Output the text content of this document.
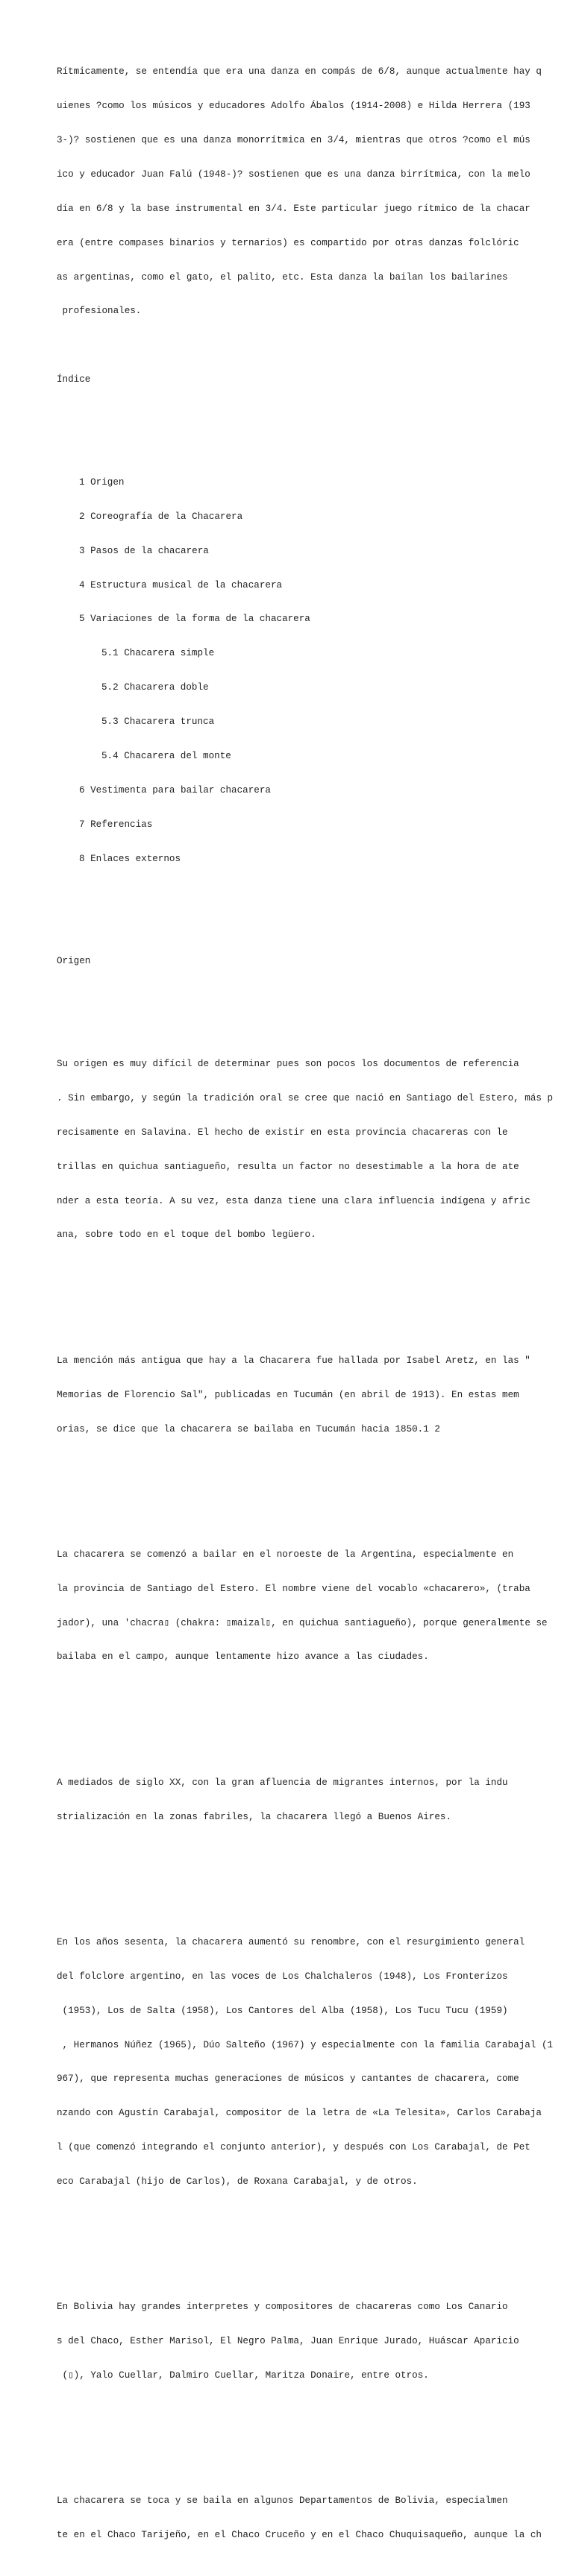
Rítmicamente, se entendía que era una danza en compás de 6/8, aunque actualmente hay q

uienes ?como los músicos y educadores Adolfo Ábalos (1914-2008) e Hilda Herrera (193

3-)? sostienen que es una danza monorrítmica en 3/4, mientras que otros ?como el mús

ico y educador Juan Falú (1948-)? sostienen que es una danza birrítmica, con la melo

día en 6/8 y la base instrumental en 3/4. Este particular juego rítmico de la chacar

era (entre compases binarios y ternarios) es compartido por otras danzas folclóric

as argentinas, como el gato, el palito, etc. Esta danza la bailan los bailarines

profesionales.

Índice

1 Origen

2 Coreografía de la Chacarera

3 Pasos de la chacarera

4 Estructura musical de la chacarera

5 Variaciones de la forma de la chacarera

5.1 Chacarera simple

5.2 Chacarera doble

5.3 Chacarera trunca

5.4 Chacarera del monte

6 Vestimenta para bailar chacarera

7 Referencias

8 Enlaces externos

Origen

Su origen es muy difícil de determinar pues son pocos los documentos de referencia

. Sin embargo, y según la tradición oral se cree que nació en Santiago del Estero, más p

recisamente en Salavina. El hecho de existir en esta provincia chacareras con le

trillas en quichua santiagueño, resulta un factor no desestimable a la hora de ate

nder a esta teoría. A su vez, esta danza tiene una clara influencia indígena y afric

ana, sobre todo en el toque del bombo legüero.

La mención más antigua que hay a la Chacarera fue hallada por Isabel Aretz, en las "

Memorias de Florencio Sal", publicadas en Tucumán (en abril de 1913). En estas mem

orias, se dice que la chacarera se bailaba en Tucumán hacia 1850.1 2

La chacarera se comenzó a bailar en el noroeste de la Argentina, especialmente en

la provincia de Santiago del Estero. El nombre viene del vocablo «chacarero», (traba

jador), una 'chacra▯ (chakra: ▯maizal▯, en quichua santiagueño), porque generalmente se

bailaba en el campo, aunque lentamente hizo avance a las ciudades.

A mediados de siglo XX, con la gran afluencia de migrantes internos, por la indu

strialización en la zonas fabriles, la chacarera llegó a Buenos Aires.

En los años sesenta, la chacarera aumentó su renombre, con el resurgimiento general

del folclore argentino, en las voces de Los Chalchaleros (1948), Los Fronterizos

(1953), Los de Salta (1958), Los Cantores del Alba (1958), Los Tucu Tucu (1959)

, Hermanos Núñez (1965), Dúo Salteño (1967) y especialmente con la familia Carabajal (1

967), que representa muchas generaciones de músicos y cantantes de chacarera, come

nzando con Agustín Carabajal, compositor de la letra de «La Telesita», Carlos Carabaja

l (que comenzó integrando el conjunto anterior), y después con Los Carabajal, de Pet

eco Carabajal (hijo de Carlos), de Roxana Carabajal, y de otros.

En Bolivia hay grandes interpretes y compositores de chacareras como Los Canario

s del Chaco, Esther Marisol, El Negro Palma, Juan Enrique Jurado, Huáscar Aparicio

(▯), Yalo Cuellar, Dalmiro Cuellar, Maritza Donaire, entre otros.

La chacarera se toca y se baila en algunos Departamentos de Bolivia, especialmen

te en el Chaco Tarijeño, en el Chaco Cruceño y en el Chaco Chuquisaqueño, aunque la ch
